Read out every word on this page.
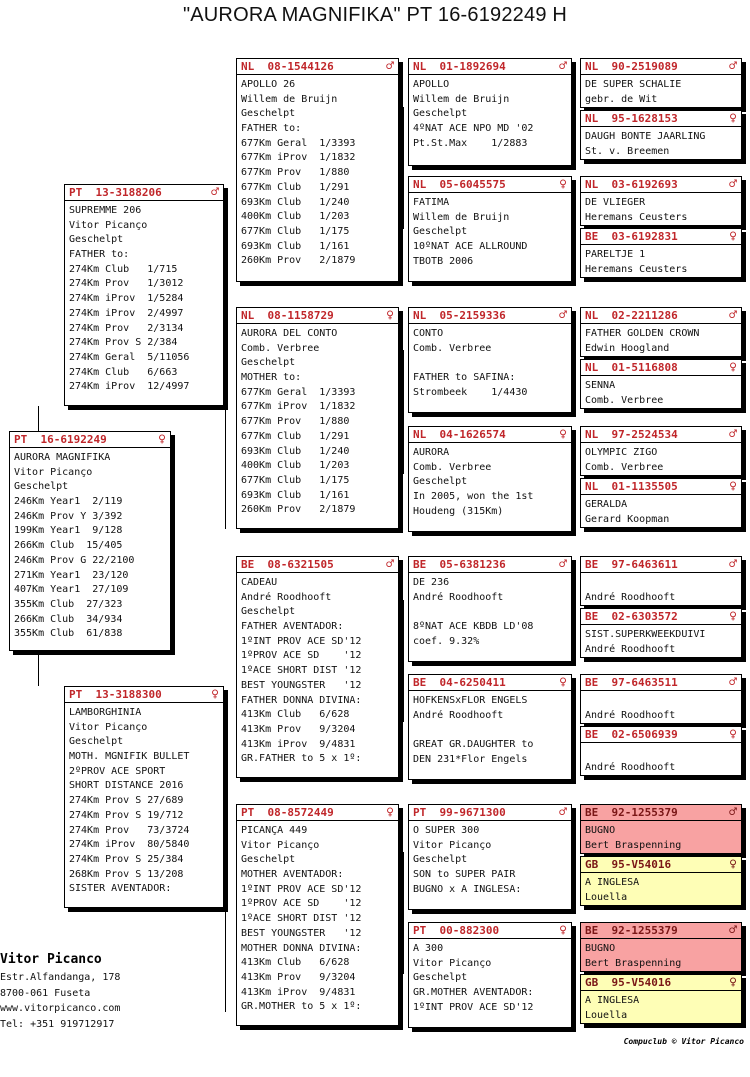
"AURORA MAGNIFIKA" PT 16-6192249 H
PT  16-6192249	♀
AURORA MAGNIFIKA
Vitor Picanço
Geschelpt
246Km Year1  2/119
246Km Prov Y 3/392
199Km Year1  9/128
266Km Club  15/405
246Km Prov G 22/2100
271Km Year1  23/120
407Km Year1  27/109
355Km Club  27/323
266Km Club  34/934
355Km Club  61/838
PT  13-3188206	♂
SUPREMME 206
Vitor Picanço
Geschelpt
FATHER to:
274Km Club   1/715
274Km Prov   1/3012
274Km iProv  1/5284
274Km iProv  2/4997
274Km Prov   2/3134
274Km Prov S 2/384
274Km Geral  5/11056
274Km Club   6/663
274Km iProv  12/4997
PT  13-3188300	♀
LAMBORGHINIA
Vitor Picanço
Geschelpt
MOTH. MGNIFIK BULLET
2ºPROV ACE SPORT
SHORT DISTANCE 2016
274Km Prov S 27/689
274Km Prov S 19/712
274Km Prov   73/3724
274Km iProv  80/5840
274Km Prov S 25/384
268Km Prov S 13/208
SISTER AVENTADOR:
NL  08-1544126	♂
APOLLO 26
Willem de Bruijn
Geschelpt
FATHER to:
677Km Geral  1/3393
677Km iProv  1/1832
677Km Prov   1/880
677Km Club   1/291
693Km Club   1/240
400Km Club   1/203
677Km Club   1/175
693Km Club   1/161
260Km Prov   2/1879
NL  08-1158729	♀
AURORA DEL CONTO
Comb. Verbree
Geschelpt
MOTHER to:
677Km Geral  1/3393
677Km iProv  1/1832
677Km Prov   1/880
677Km Club   1/291
693Km Club   1/240
400Km Club   1/203
677Km Club   1/175
693Km Club   1/161
260Km Prov   2/1879
BE  08-6321505	♂
CADEAU
André Roodhooft
Geschelpt
FATHER AVENTADOR:
1ºINT PROV ACE SD'12
1ºPROV ACE SD    '12
1ºACE SHORT DIST '12
BEST YOUNGSTER   '12
FATHER DONNA DIVINA:
413Km Club   6/628
413Km Prov   9/3204
413Km iProv  9/4831
GR.FATHER to 5 x 1º:
PT  08-8572449	♀
PICANÇA 449
Vitor Picanço
Geschelpt
MOTHER AVENTADOR:
1ºINT PROV ACE SD'12
1ºPROV ACE SD    '12
1ºACE SHORT DIST '12
BEST YOUNGSTER   '12
MOTHER DONNA DIVINA:
413Km Club   6/628
413Km Prov   9/3204
413Km iProv  9/4831
GR.MOTHER to 5 x 1º:
NL  01-1892694	♂
APOLLO
Willem de Bruijn
Geschelpt
4ºNAT ACE NPO MD '02
Pt.St.Max    1/2883
NL  05-6045575	♀
FATIMA
Willem de Bruijn
Geschelpt
10ºNAT ACE ALLROUND
TBOTB 2006
NL  05-2159336	♂
CONTO
Comb. Verbree
FATHER to SAFINA:
Strombeek    1/4430
NL  04-1626574	♀
AURORA
Comb. Verbree
Geschelpt
In 2005, won the 1st
Houdeng (315Km)
BE  05-6381236	♂
DE 236
André Roodhooft
8ºNAT ACE KBDB LD'08
coef. 9.32%
BE  04-6250411	♀
HOFKENSxFLOR ENGELS
André Roodhooft
GREAT GR.DAUGHTER to
DEN 231*Flor Engels
PT  99-9671300	♂
O SUPER 300
Vitor Picanço
Geschelpt
SON to SUPER PAIR
BUGNO x A INGLESA:
PT  00-882300	♀
A 300
Vitor Picanço
Geschelpt
GR.MOTHER AVENTADOR:
1ºINT PROV ACE SD'12
NL  90-2519089	♂
DE SUPER SCHALIE
gebr. de Wit
NL  95-1628153	♀
DAUGH BONTE JAARLING
St. v. Breemen
NL  03-6192693	♂
DE VLIEGER
Heremans Ceusters
BE  03-6192831	♀
PARELTJE 1
Heremans Ceusters
NL  02-2211286	♂
FATHER GOLDEN CROWN
Edwin Hoogland
NL  01-5116808	♀
SENNA
Comb. Verbree
NL  97-2524534	♂
OLYMPIC ZIGO
Comb. Verbree
NL  01-1135505	♀
GERALDA
Gerard Koopman
BE  97-6463611	♂
André Roodhooft
BE  02-6303572	♀
SIST.SUPERKWEEKDUIVI
André Roodhooft
BE  97-6463511	♂
André Roodhooft
BE  02-6506939	♀
André Roodhooft
BE  92-1255379	♂
BUGNO
Bert Braspenning
GB  95-V54016	♀
A INGLESA
Louella
BE  92-1255379	♂
BUGNO
Bert Braspenning
GB  95-V54016	♀
A INGLESA
Louella
Vitor Picanco
Estr.Alfandanga, 178
8700-061 Fuseta
www.vitorpicanco.com
Tel: +351 919712917
Compuclub © Vitor Picanco
